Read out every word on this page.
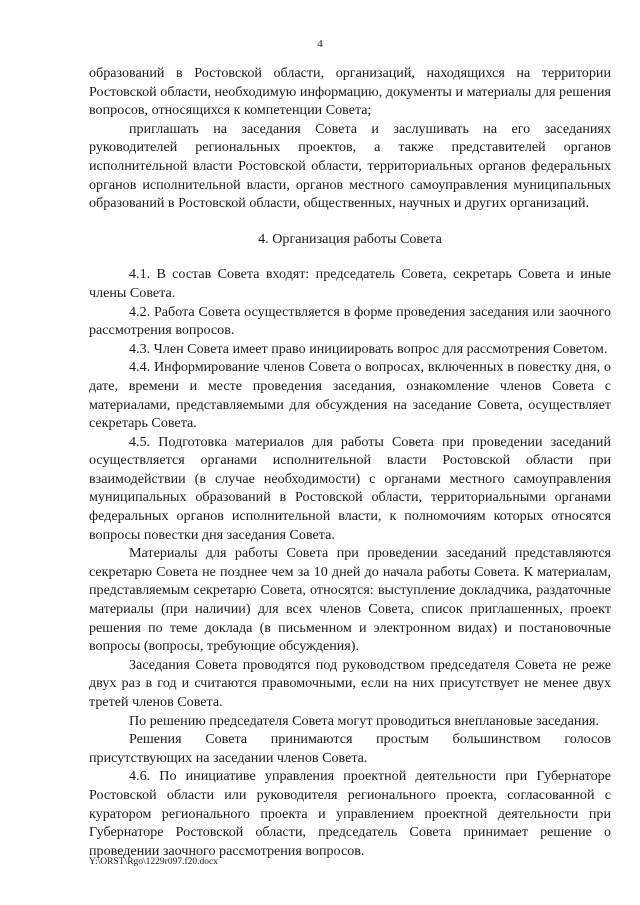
4

образований в Ростовской области, организаций, находящихся на территории Ростовской области, необходимую информацию, документы и материалы для решения вопросов, относящихся к компетенции Совета;

приглашать на заседания Совета и заслушивать на его заседаниях руководителей региональных проектов, а также представителей органов исполнительной власти Ростовской области, территориальных органов федеральных органов исполнительной власти, органов местного самоуправления муниципальных образований в Ростовской области, общественных, научных и других организаций.

4. Организация работы Совета

4.1. В состав Совета входят: председатель Совета, секретарь Совета и иные члены Совета.

4.2. Работа Совета осуществляется в форме проведения заседания или заочного рассмотрения вопросов.

4.3. Член Совета имеет право инициировать вопрос для рассмотрения Советом.

4.4. Информирование членов Совета о вопросах, включенных в повестку дня, о дате, времени и месте проведения заседания, ознакомление членов Совета с материалами, представляемыми для обсуждения на заседание Совета, осуществляет секретарь Совета.

4.5. Подготовка материалов для работы Совета при проведении заседаний осуществляется органами исполнительной власти Ростовской области при взаимодействии (в случае необходимости) с органами местного самоуправления муниципальных образований в Ростовской области, территориальными органами федеральных органов исполнительной власти, к полномочиям которых относятся вопросы повестки дня заседания Совета.

Материалы для работы Совета при проведении заседаний представляются секретарю Совета не позднее чем за 10 дней до начала работы Совета. К материалам, представляемым секретарю Совета, относятся: выступление докладчика, раздаточные материалы (при наличии) для всех членов Совета, список приглашенных, проект решения по теме доклада (в письменном и электронном видах) и постановочные вопросы (вопросы, требующие обсуждения).

Заседания Совета проводятся под руководством председателя Совета не реже двух раз в год и считаются правомочными, если на них присутствует не менее двух третей членов Совета.

По решению председателя Совета могут проводиться внеплановые заседания.

Решения Совета принимаются простым большинством голосов присутствующих на заседании членов Совета.

4.6. По инициативе управления проектной деятельности при Губернаторе Ростовской области или руководителя регионального проекта, согласованной с куратором регионального проекта и управлением проектной деятельности при Губернаторе Ростовской области, председатель Совета принимает решение о проведении заочного рассмотрения вопросов.

Y:\ORST\Rgo\1229r097.f20.docx
